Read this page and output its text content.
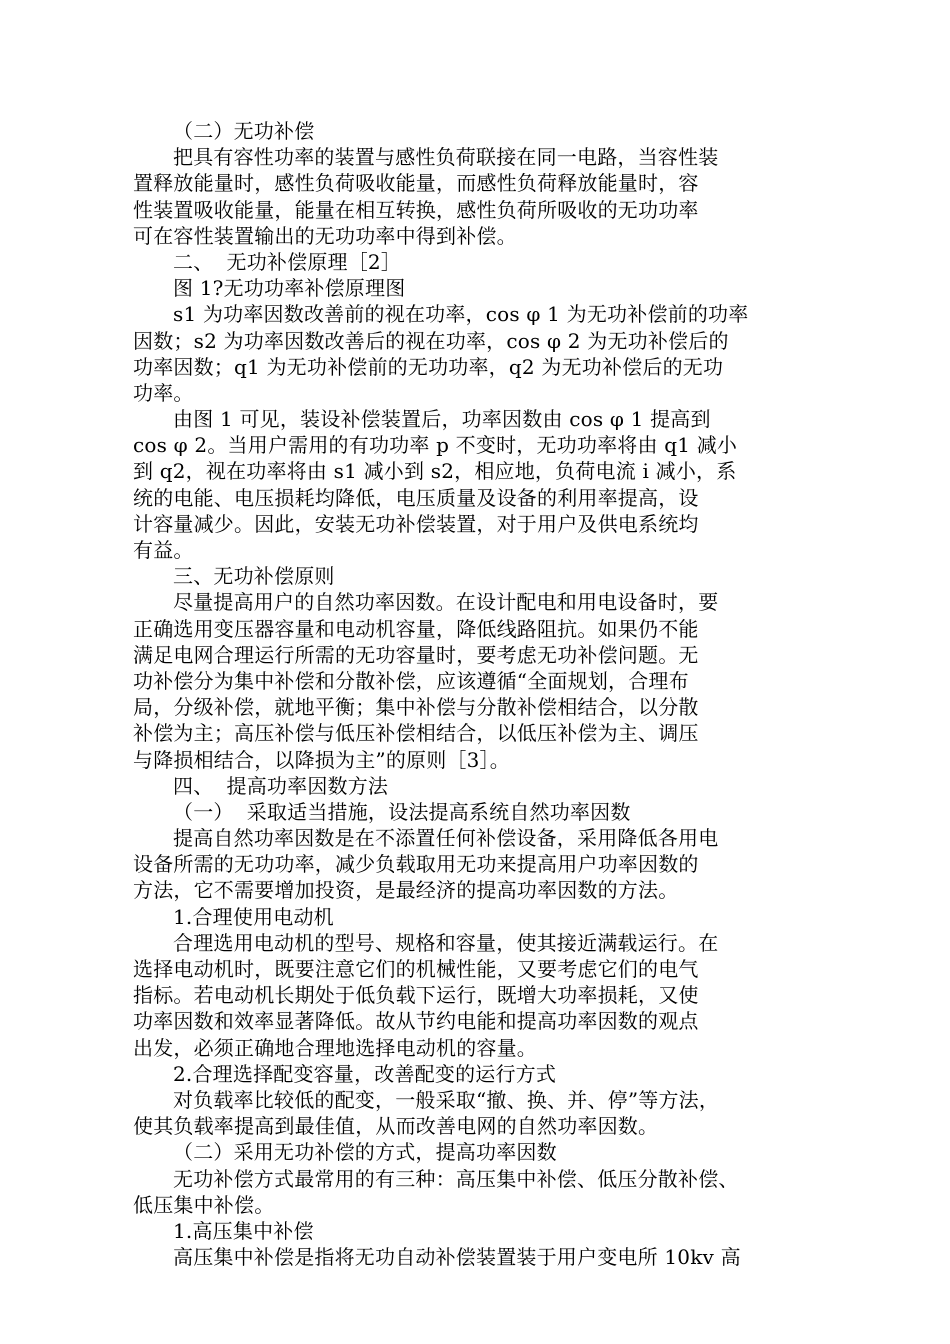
（二）无功补偿
把具有容性功率的装置与感性负荷联接在同一电路，当容性装
置释放能量时，感性负荷吸收能量，而感性负荷释放能量时，容
性装置吸收能量，能量在相互转换，感性负荷所吸收的无功功率
可在容性装置输出的无功功率中得到补偿。
二、  无功补偿原理［2］
图 1?无功功率补偿原理图
s1 为功率因数改善前的视在功率，cos φ 1 为无功补偿前的功率
因数；s2 为功率因数改善后的视在功率，cos φ 2 为无功补偿后的
功率因数；q1 为无功补偿前的无功功率，q2 为无功补偿后的无功
功率。
由图 1 可见，装设补偿装置后，功率因数由 cos φ 1 提高到
cos φ 2。当用户需用的有功功率 p 不变时，无功功率将由 q1 减小
到 q2，视在功率将由 s1 减小到 s2，相应地，负荷电流 i 减小，系
统的电能、电压损耗均降低，电压质量及设备的利用率提高，设
计容量减少。因此，安装无功补偿装置，对于用户及供电系统均
有益。
三、无功补偿原则
尽量提高用户的自然功率因数。在设计配电和用电设备时，要
正确选用变压器容量和电动机容量，降低线路阻抗。如果仍不能
满足电网合理运行所需的无功容量时，要考虑无功补偿问题。无
功补偿分为集中补偿和分散补偿，应该遵循“全面规划，合理布
局，分级补偿，就地平衡；集中补偿与分散补偿相结合，以分散
补偿为主；高压补偿与低压补偿相结合，以低压补偿为主、调压
与降损相结合，以降损为主”的原则［3］。
四、  提高功率因数方法
（一）  采取适当措施，设法提高系统自然功率因数
提高自然功率因数是在不添置任何补偿设备，采用降低各用电
设备所需的无功功率，减少负载取用无功来提高用户功率因数的
方法，它不需要增加投资，是最经济的提高功率因数的方法。
1.合理使用电动机
合理选用电动机的型号、规格和容量，使其接近满载运行。在
选择电动机时，既要注意它们的机械性能，又要考虑它们的电气
指标。若电动机长期处于低负载下运行，既增大功率损耗，又使
功率因数和效率显著降低。故从节约电能和提高功率因数的观点
出发，必须正确地合理地选择电动机的容量。
2.合理选择配变容量，改善配变的运行方式
对负载率比较低的配变，一般采取“撤、换、并、停”等方法，
使其负载率提高到最佳值，从而改善电网的自然功率因数。
（二）采用无功补偿的方式，提高功率因数
无功补偿方式最常用的有三种：高压集中补偿、低压分散补偿、
低压集中补偿。
1.高压集中补偿
高压集中补偿是指将无功自动补偿装置装于用户变电所 10kv 高
